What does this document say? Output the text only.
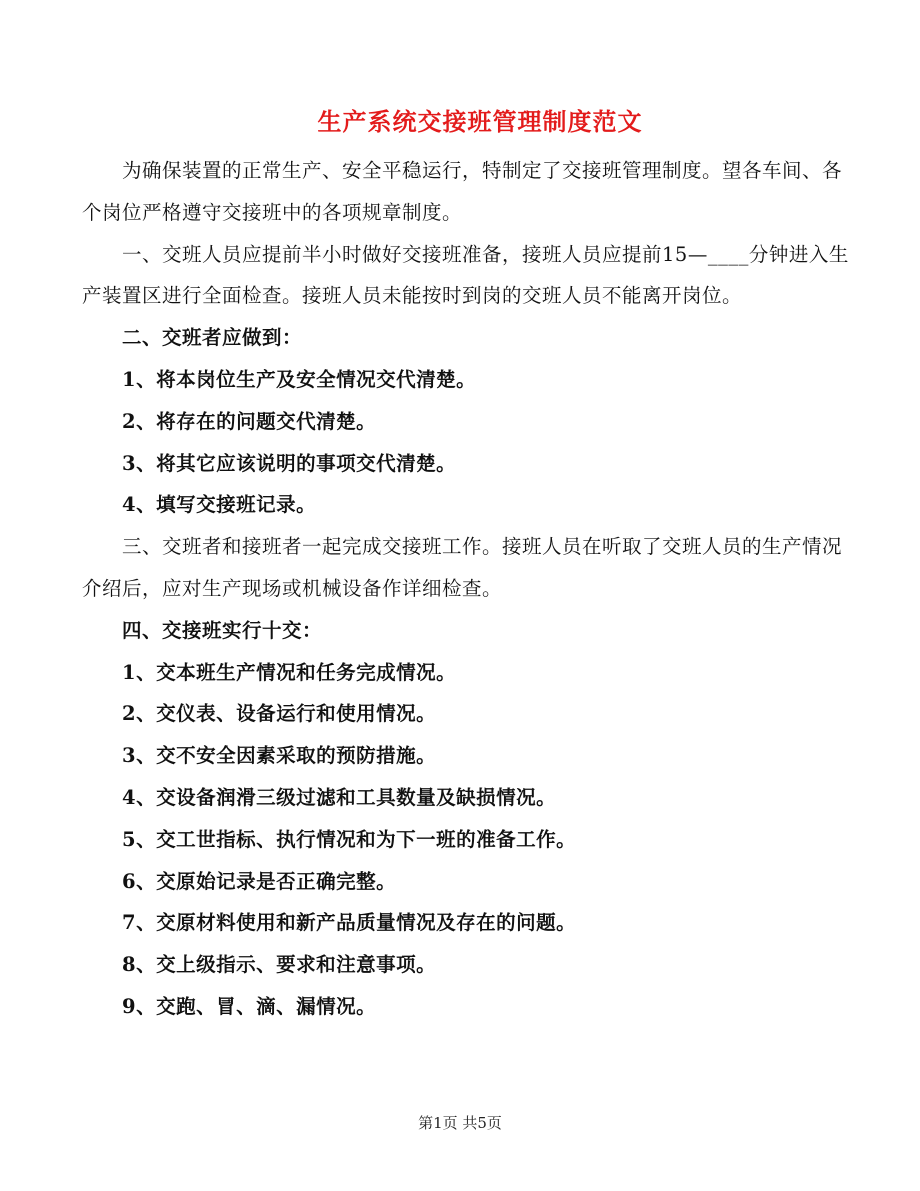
生产系统交接班管理制度范文

为确保装置的正常生产、安全平稳运行，特制定了交接班管理制度。望各车间、各个岗位严格遵守交接班中的各项规章制度。

一、交班人员应提前半小时做好交接班准备，接班人员应提前15—____分钟进入生产装置区进行全面检查。接班人员未能按时到岗的交班人员不能离开岗位。

二、交班者应做到：

1、将本岗位生产及安全情况交代清楚。

2、将存在的问题交代清楚。

3、将其它应该说明的事项交代清楚。

4、填写交接班记录。

三、交班者和接班者一起完成交接班工作。接班人员在听取了交班人员的生产情况介绍后，应对生产现场或机械设备作详细检查。

四、交接班实行十交：

1、交本班生产情况和任务完成情况。

2、交仪表、设备运行和使用情况。

3、交不安全因素采取的预防措施。

4、交设备润滑三级过滤和工具数量及缺损情况。

5、交工世指标、执行情况和为下一班的准备工作。

6、交原始记录是否正确完整。

7、交原材料使用和新产品质量情况及存在的问题。

8、交上级指示、要求和注意事项。

9、交跑、冒、滴、漏情况。

第1页 共5页
